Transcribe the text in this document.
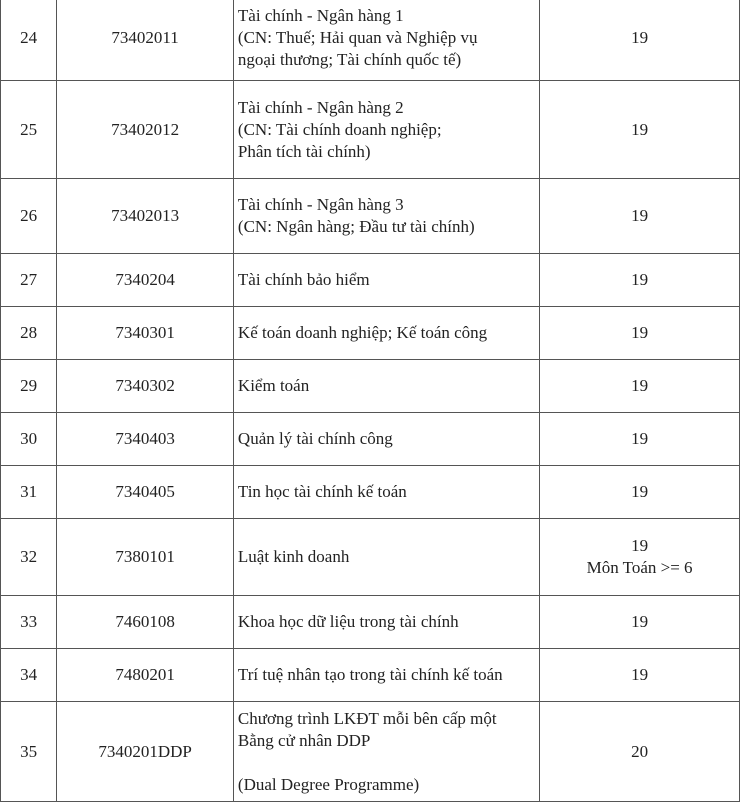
24	73402011	Tài chính - Ngân hàng 1
(CN: Thuế; Hải quan và Nghiệp vụ
ngoại thương; Tài chính quốc tế)	19

25	73402012	Tài chính - Ngân hàng 2
(CN: Tài chính doanh nghiệp;
Phân tích tài chính)	19

26	73402013	Tài chính - Ngân hàng 3
(CN: Ngân hàng; Đầu tư tài chính)	19

27	7340204	Tài chính bảo hiểm	19

28	7340301	Kế toán doanh nghiệp; Kế toán công	19

29	7340302	Kiểm toán	19

30	7340403	Quản lý tài chính công	19

31	7340405	Tin học tài chính kế toán	19

32	7380101	Luật kinh doanh	19
Môn Toán >= 6

33	7460108	Khoa học dữ liệu trong tài chính	19

34	7480201	Trí tuệ nhân tạo trong tài chính kế toán	19

35	7340201DDP	Chương trình LKĐT mỗi bên cấp một
Bằng cử nhân DDP
(Dual Degree Programme)	20
